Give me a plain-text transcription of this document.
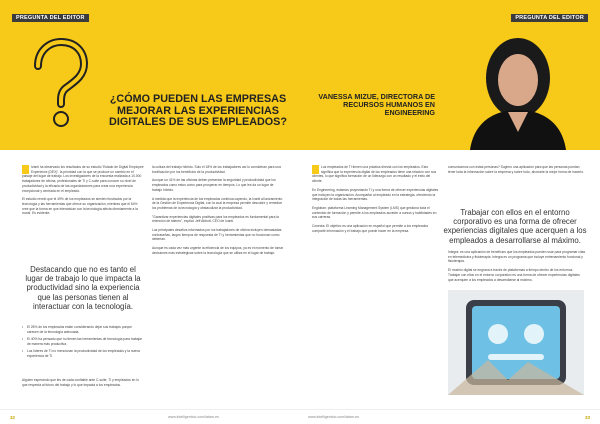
PREGUNTA DEL EDITOR
¿CÓMO PUEDEN LAS EMPRESAS MEJORAR LAS EXPERIENCIAS DIGITALES DE SUS EMPLEADOS?

Ivanti ha observado los resultados de su estudio 'Estado de Digital Employee Experience (DEX)'. la prioridad con la que se produce un cambio en el paisaje del lugar de trabajo. Los investigadores de la encuesta realizada a 10.000 trabajadores de oficina, profesionales de TI y C-suite para conocer su nivel de productividad y la eficacia de las organizaciones para crear una experiencia excepcional y centrada en el empleado.

El estudio reveló que el 49% de los empleados se sienten frustrados por la tecnología y las herramientas que ofrece su organización, mientras que el 64% cree que la forma en que interactúan con la tecnología afecta directamente a la moral. Es evidente.

Destacando que no es tanto el lugar de trabajo lo que impacta la productividad sino la experiencia que las personas tienen al interactuar con la tecnología.
• El 26% de los empleados están considerando dejar sus trabajos porque carecen de la tecnología adecuada.
• El 40% ha pensado que no tienen las herramientas de tecnología para trabajar de manera más productiva.
• Los líderes de TI no mencionan la productividad de los empleados y la nueva experiencia de TI.
Alguien esperando que les de cada confiable ante C-suite, TI y empleados en lo que respecta al futuro del trabajo y lo que impacta a los empleados.

la cultura del trabajo híbrido. Solo el 18% de los trabajadores así lo consideran para una bonificación por los beneficios de la productividad.

Aunque un 41% de las oficinas deben presentar la seguridad y productividad que los empleados como estos como para prosperar en tiempos. Lo que les da un lugar de trabajo híbrido.

A medida que la experiencia de los empleados continúa cayendo, la Ivanti al lanzamiento de la Gestión de Experiencia Digital, con la cual la empresa permite descubrir y remediar los problemas de la tecnología y obstaculizar la productividad.

"Garantizar experiencias digitales positivas para los empleados es fundamental para la retención de talento", explicó Jeff Abbott, CEO de Ivanti.

Los principales desafíos informados por los trabajadores de oficina incluyen demasiadas contraseñas, largos tiempos de respuesta de TI y herramientas que no funcionan como deberían.

Aunque es cada vez más urgente la eficiencia de los equipos, ya es el momento de tomar decisiones más estratégicas sobre la tecnología que se utiliza en el lugar de trabajo.

32	www.intelligentcio.com/latam-es
PREGUNTA DEL EDITOR
VANESSA MIZUE, DIRECTORA DE RECURSOS HUMANOS EN ENGINEERING

Los empleados de TI tienen una práctica directa con los empleados. Esto significa que la experiencia digital de los empleados tiene una relación con sus clientes, lo que significa formación de un liderazgo con un resultado y el éxito del cliente.

En Engineering, estamos proyectando TI y una forma de ofrecer experiencias digitales que incluyen la organización. Acompañar al empleado en la estrategia, ofreciendo la integración de todas las herramientas.

Engloban: plataforma Learning Management System (LMS) que gestiona toda el contenido de formación y permite a los empleados acceder a cursos y habilidades en sus carreras.

Conecta: El objetivo es una aplicación en español que permite a los empleados compartir información y el trabajo que puede hacer en la empresa.

comunicamos con estas personas? Sugiero una aplicación para que las personas puedan tener toda la información sobre la empresa y sobre todo, ahorrarle la mejor forma de hacerlo.

Trabajar con ellos en el entorno corporativo es una forma de ofrecer experiencias digitales que acerquen a los empleados a desarrollarse al máximo.

Integra: es una aplicación de beneficios que los empleados pueden usar para programar citas en telemedicina y fisioterapia. Integra es un programa que incluye entrenamiento funcional y fisioterapia.

El modelo digital se engrana a través de plataformas a tiempo dentro de los entornos. Trabajar con ellos en el entorno corporativo es una forma de ofrecer experiencias digitales que acerquen a los empleados a desarrollarse al máximo.

www.intelligentcio.com/latam-es	33
